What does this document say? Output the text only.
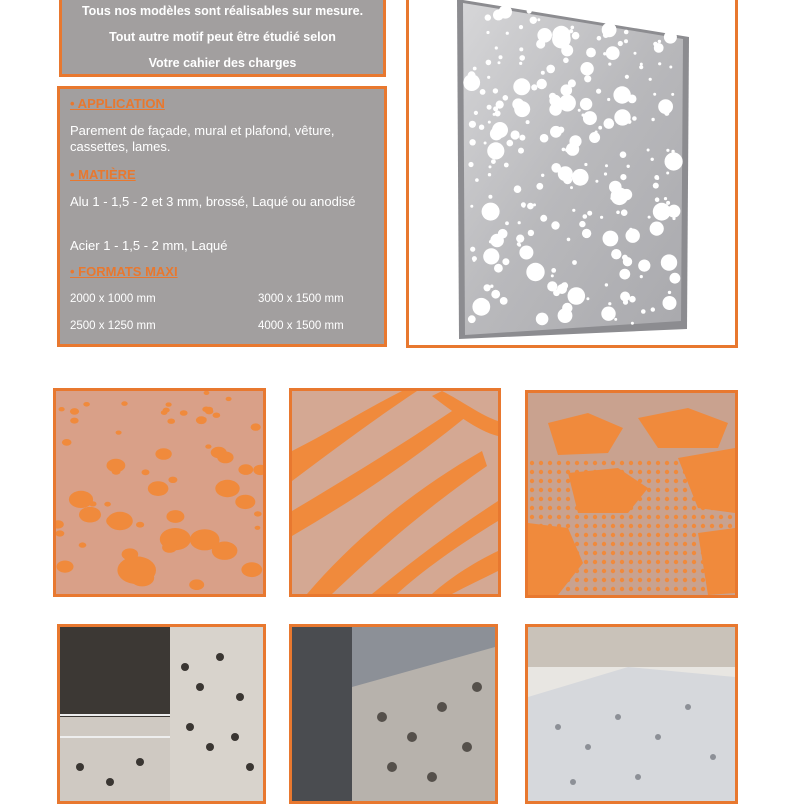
Tous nos modèles sont réalisables sur mesure.
Tout autre motif peut être étudié selon
Votre cahier des charges
• APPLICATION
Parement de façade, mural et plafond, vêture, cassettes, lames.
• MATIÈRE
Alu 1 - 1,5 - 2 et 3 mm, brossé, Laqué ou anodisé
Acier 1 - 1,5 - 2 mm, Laqué
• FORMATS MAXI
2000 x 1000 mm	3000 x 1500 mm
2500 x 1250 mm	4000 x 1500 mm
